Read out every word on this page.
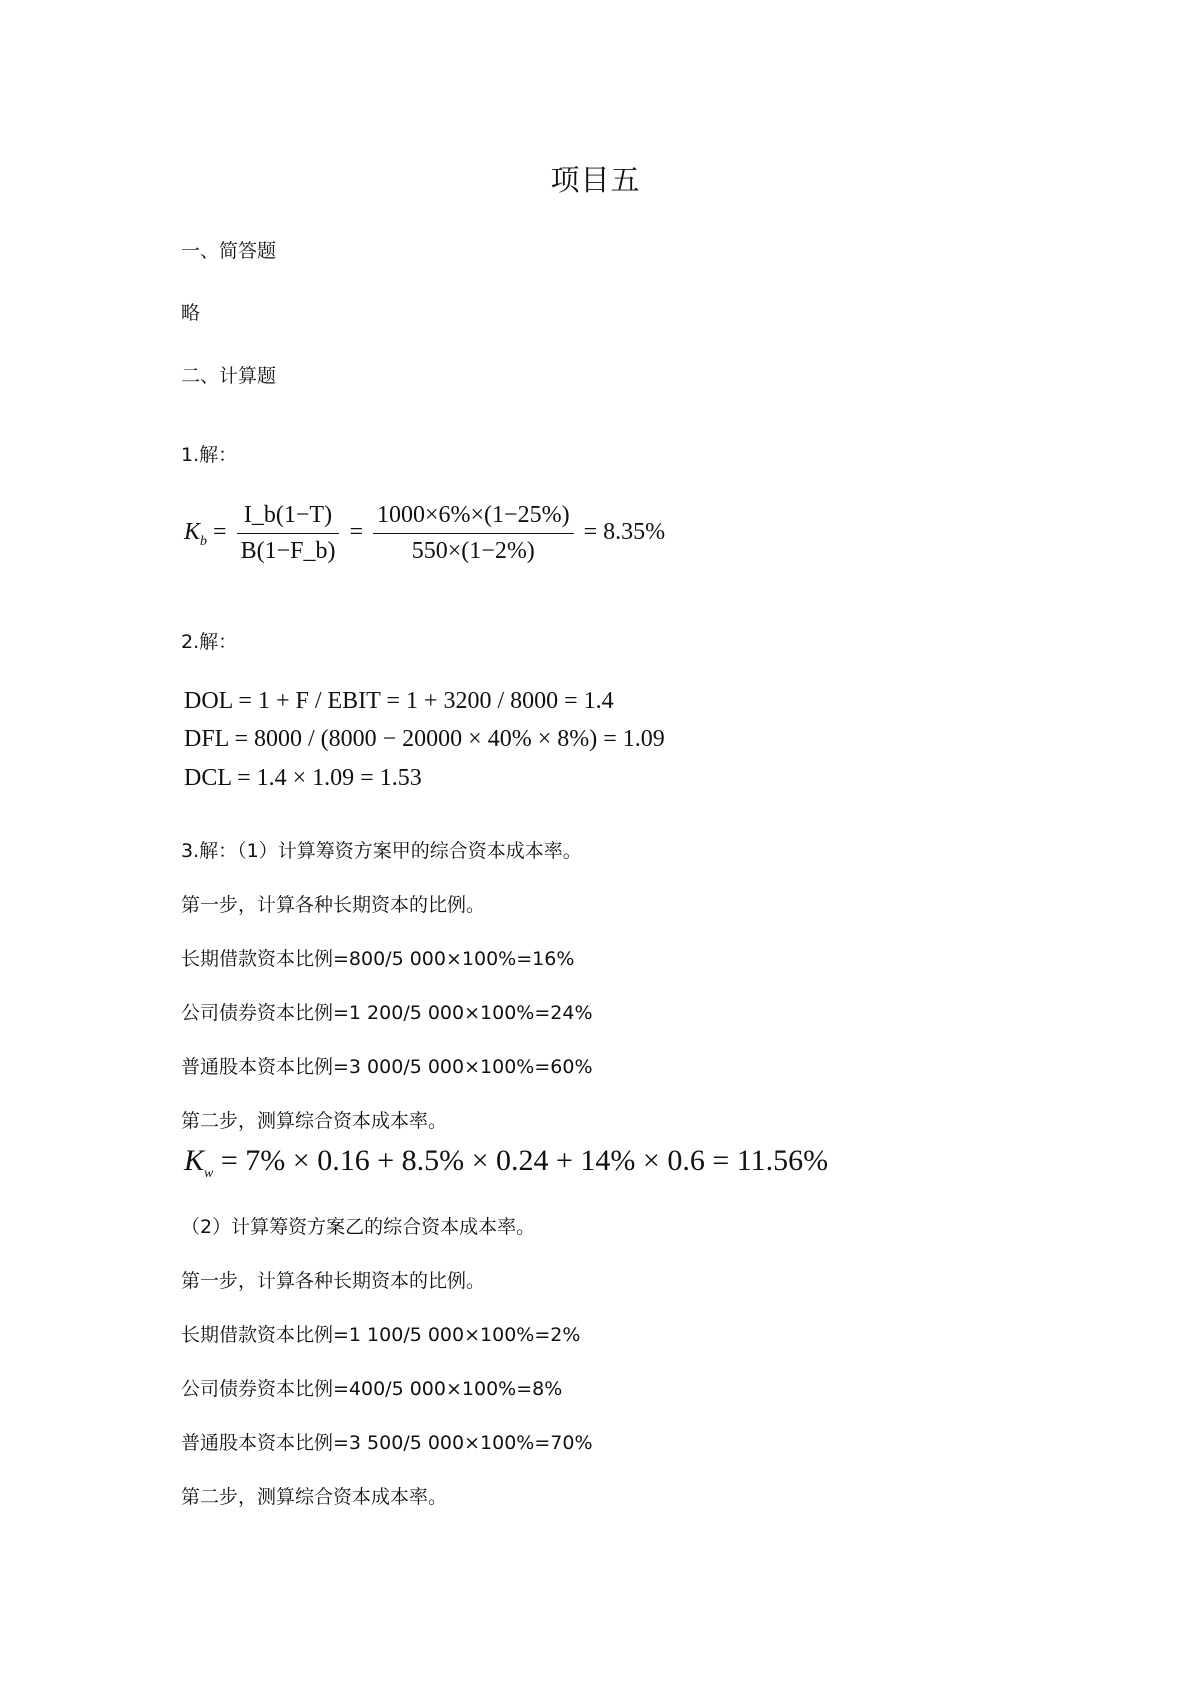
项目五
一、简答题
略
二、计算题
1.解：
$K_b = \frac{I\_b(1-T)}{B(1-F\_b)} = \frac{1000\times 6\%\times(1-25\%)}{550\times(1-2\%)} = 8.35\%$
2.解：
DOL = 1 + F / EBIT = 1 + 3200 / 8000 = 1.4
DFL = 8000 / (8000 − 20000 × 40% × 8%) = 1.09
DCL = 1.4 × 1.09 = 1.53
3.解：（1）计算筹资方案甲的综合资本成本率。
第一步，计算各种长期资本的比例。
长期借款资本比例=800/5 000×100%=16%
公司债券资本比例=1 200/5 000×100%=24%
普通股本资本比例=3 000/5 000×100%=60%
第二步，测算综合资本成本率。
$K_w = 7\% \times 0.16 + 8.5\% \times 0.24 + 14\% \times 0.6 = 11.56\%$
（2）计算筹资方案乙的综合资本成本率。
第一步，计算各种长期资本的比例。
长期借款资本比例=1 100/5 000×100%=2%
公司债券资本比例=400/5 000×100%=8%
普通股本资本比例=3 500/5 000×100%=70%
第二步，测算综合资本成本率。
